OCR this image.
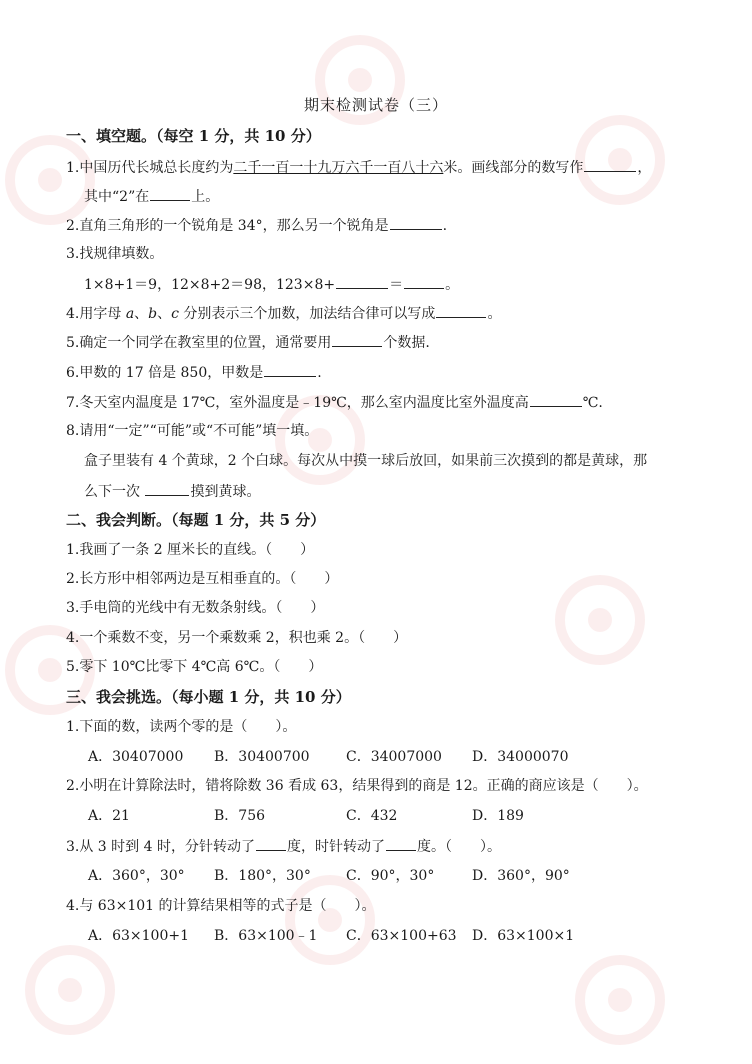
期末检测试卷（三）
一、填空题。（每空 1 分，共 10 分）
1.中国历代长城总长度约为二千一百一十九万六千一百八十六米。画线部分的数写作	，
其中“2”在	上。
2.直角三角形的一个锐角是 34°，那么另一个锐角是	.
3.找规律填数。
1×8+1＝9，12×8+2＝98，123×8+	＝	。
4.用字母 a、b、c 分别表示三个加数，加法结合律可以写成	。
5.确定一个同学在教室里的位置，通常要用	个数据.
6.甲数的 17 倍是 850，甲数是	.
7.冬天室内温度是 17℃，室外温度是﹣19℃，那么室内温度比室外温度高	℃.
8.请用“一定”“可能”或“不可能”填一填。
盒子里装有 4 个黄球，2 个白球。每次从中摸一球后放回，如果前三次摸到的都是黄球，那
么下一次	摸到黄球。
二、我会判断。（每题 1 分，共 5 分）
1.我画了一条 2 厘米长的直线。（　　）
2.长方形中相邻两边是互相垂直的。（　　）
3.手电筒的光线中有无数条射线。（　　）
4.一个乘数不变，另一个乘数乘 2，积也乘 2。（　　）
5.零下 10℃比零下 4℃高 6℃。（　　）
三、我会挑选。（每小题 1 分，共 10 分）
1.下面的数，读两个零的是（　　）。
A．30407000 B．30400700	C．34007000 D．34000070
2.小明在计算除法时，错将除数 36 看成 63，结果得到的商是 12。正确的商应该是（　　）。
A．21	B．756	C．432	D．189
3.从 3 时到 4 时，分针转动了 度，时针转动了 度。（　　）。
A．360°，30° B．180°，30°	C．90°，30°	D．360°，90°
4.与 63×101 的计算结果相等的式子是（　　）。
A．63×100+1 B．63×100﹣1 C．63×100+63 D．63×100×1
